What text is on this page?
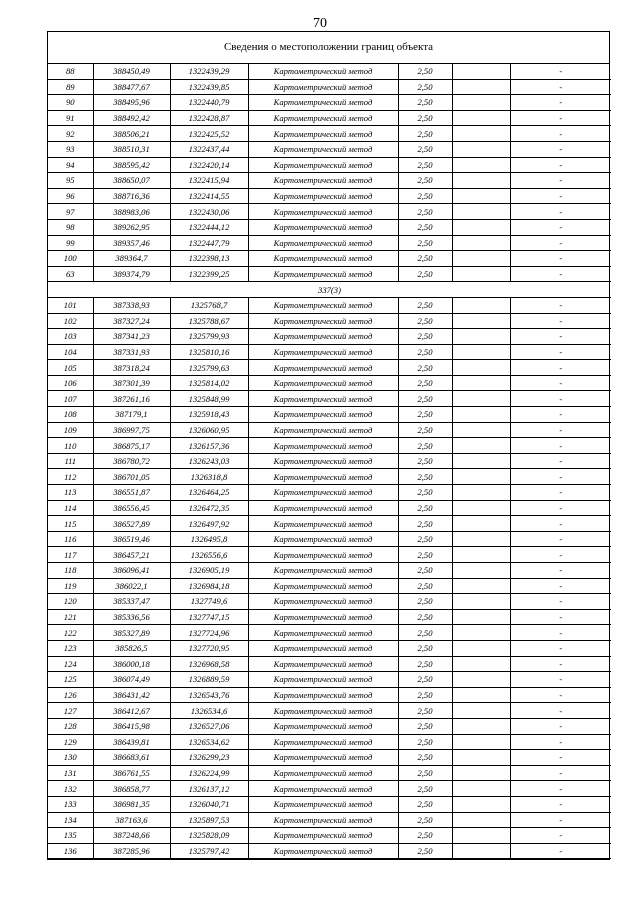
70
Сведения о местоположении границ объекта
88	388450,49	1322439,29	Картометрический метод	2,50		-
89	388477,67	1322439,85	Картометрический метод	2,50		-
90	388495,96	1322440,79	Картометрический метод	2,50		-
91	388492,42	1322428,87	Картометрический метод	2,50		-
92	388506,21	1322425,52	Картометрический метод	2,50		-
93	388510,31	1322437,44	Картометрический метод	2,50		-
94	388595,42	1322420,14	Картометрический метод	2,50		-
95	388650,07	1322415,94	Картометрический метод	2,50		-
96	388716,36	1322414,55	Картометрический метод	2,50		-
97	388983,06	1322430,06	Картометрический метод	2,50		-
98	389262,95	1322444,12	Картометрический метод	2,50		-
99	389357,46	1322447,79	Картометрический метод	2,50		-
100	389364,7	1322398,13	Картометрический метод	2,50		-
63	389374,79	1322399,25	Картометрический метод	2,50		-
337(3)						
101	387338,93	1325768,7	Картометрический метод	2,50		-
102	387327,24	1325788,67	Картометрический метод	2,50		-
103	387341,23	1325799,93	Картометрический метод	2,50		-
104	387331,93	1325810,16	Картометрический метод	2,50		-
105	387318,24	1325799,63	Картометрический метод	2,50		-
106	387301,39	1325814,02	Картометрический метод	2,50		-
107	387261,16	1325848,99	Картометрический метод	2,50		-
108	387179,1	1325918,43	Картометрический метод	2,50		-
109	386997,75	1326060,95	Картометрический метод	2,50		-
110	386875,17	1326157,36	Картометрический метод	2,50		-
111	386780,72	1326243,03	Картометрический метод	2,50		-
112	386701,05	1326318,8	Картометрический метод	2,50		-
113	386551,87	1326464,25	Картометрический метод	2,50		-
114	386556,45	1326472,35	Картометрический метод	2,50		-
115	386527,89	1326497,92	Картометрический метод	2,50		-
116	386519,46	1326495,8	Картометрический метод	2,50		-
117	386457,21	1326556,6	Картометрический метод	2,50		-
118	386096,41	1326905,19	Картометрический метод	2,50		-
119	386022,1	1326984,18	Картометрический метод	2,50		-
120	385337,47	1327749,6	Картометрический метод	2,50		-
121	385336,56	1327747,15	Картометрический метод	2,50		-
122	385327,89	1327724,96	Картометрический метод	2,50		-
123	385826,5	1327720,95	Картометрический метод	2,50		-
124	386000,18	1326968,58	Картометрический метод	2,50		-
125	386074,49	1326889,59	Картометрический метод	2,50		-
126	386431,42	1326543,76	Картометрический метод	2,50		-
127	386412,67	1326534,6	Картометрический метод	2,50		-
128	386415,98	1326527,06	Картометрический метод	2,50		-
129	386439,81	1326534,62	Картометрический метод	2,50		-
130	386683,61	1326299,23	Картометрический метод	2,50		-
131	386761,55	1326224,99	Картометрический метод	2,50		-
132	386858,77	1326137,12	Картометрический метод	2,50		-
133	386981,35	1326040,71	Картометрический метод	2,50		-
134	387163,6	1325897,53	Картометрический метод	2,50		-
135	387248,66	1325828,09	Картометрический метод	2,50		-
136	387285,96	1325797,42	Картометрический метод	2,50		-
